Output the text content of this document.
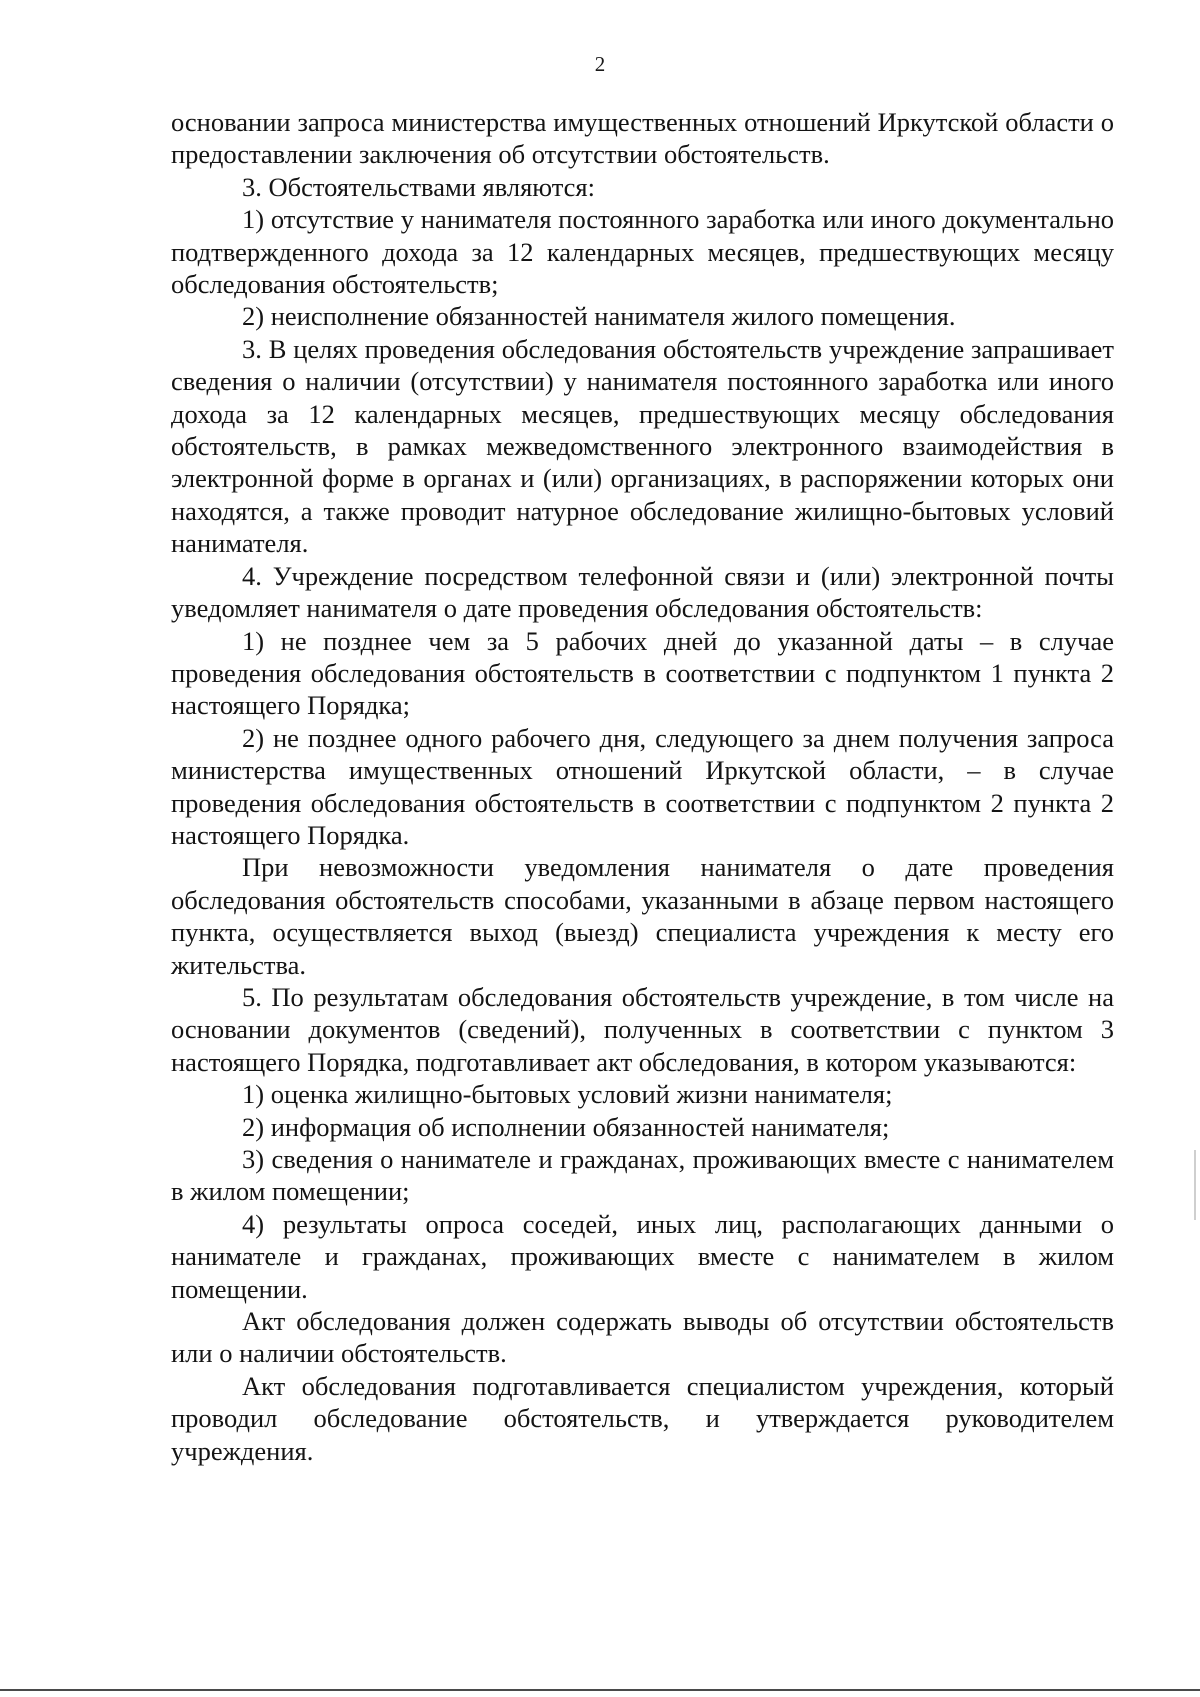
2

основании запроса министерства имущественных отношений Иркутской области о предоставлении заключения об отсутствии обстоятельств.

3. Обстоятельствами являются:

1) отсутствие у нанимателя постоянного заработка или иного документально подтвержденного дохода за 12 календарных месяцев, предшествующих месяцу обследования обстоятельств;

2) неисполнение обязанностей нанимателя жилого помещения.

3. В целях проведения обследования обстоятельств учреждение запрашивает сведения о наличии (отсутствии) у нанимателя постоянного заработка или иного дохода за 12 календарных месяцев, предшествующих месяцу обследования обстоятельств, в рамках межведомственного электронного взаимодействия в электронной форме в органах и (или) организациях, в распоряжении которых они находятся, а также проводит натурное обследование жилищно-бытовых условий нанимателя.

4. Учреждение посредством телефонной связи и (или) электронной почты уведомляет нанимателя о дате проведения обследования обстоятельств:

1) не позднее чем за 5 рабочих дней до указанной даты – в случае проведения обследования обстоятельств в соответствии с подпунктом 1 пункта 2 настоящего Порядка;

2) не позднее одного рабочего дня, следующего за днем получения запроса министерства имущественных отношений Иркутской области, – в случае проведения обследования обстоятельств в соответствии с подпунктом 2 пункта 2 настоящего Порядка.

При невозможности уведомления нанимателя о дате проведения обследования обстоятельств способами, указанными в абзаце первом настоящего пункта, осуществляется выход (выезд) специалиста учреждения к месту его жительства.

5. По результатам обследования обстоятельств учреждение, в том числе на основании документов (сведений), полученных в соответствии с пунктом 3 настоящего Порядка, подготавливает акт обследования, в котором указываются:

1) оценка жилищно-бытовых условий жизни нанимателя;

2) информация об исполнении обязанностей нанимателя;

3) сведения о нанимателе и гражданах, проживающих вместе с нанимателем в жилом помещении;

4) результаты опроса соседей, иных лиц, располагающих данными о нанимателе и гражданах, проживающих вместе с нанимателем в жилом помещении.

Акт обследования должен содержать выводы об отсутствии обстоятельств или о наличии обстоятельств.

Акт обследования подготавливается специалистом учреждения, который проводил обследование обстоятельств, и утверждается руководителем учреждения.
